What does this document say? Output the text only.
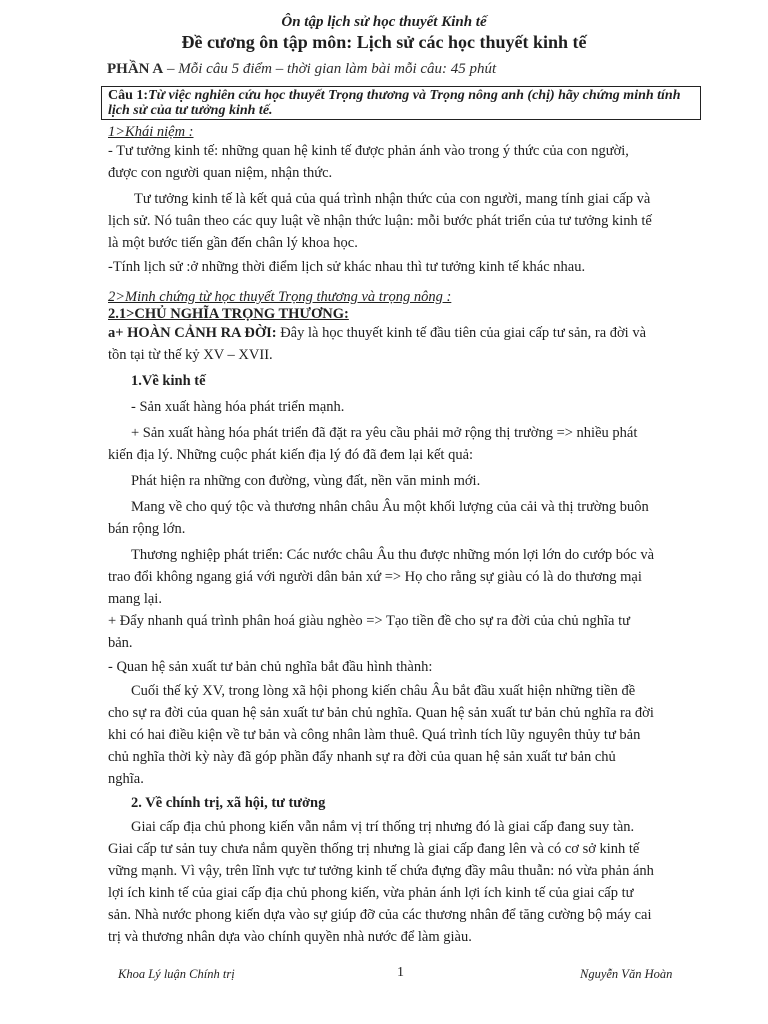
Ôn tập lịch sử học thuyết Kinh tế
Đề cương ôn tập môn: Lịch sử các học thuyết kinh tế
PHẦN A – Mỗi câu 5 điểm – thời gian làm bài mỗi câu: 45 phút
Câu 1:Từ việc nghiên cứu học thuyết Trọng thương và Trọng nông anh (chị) hãy chứng minh tính lịch sử của tư tưởng kinh tế.
1>Khái niệm :
- Tư tưởng kinh tế: những quan hệ kinh tế được phản ánh vào trong ý thức của con người,
được con người quan niệm, nhận thức.
Tư tưởng kinh tế là kết quả của quá trình nhận thức của con người, mang tính giai cấp và
lịch sử. Nó tuân theo các quy luật về nhận thức luận: mỗi bước phát triển của tư tưởng kinh tế
là một bước tiến gần đến chân lý khoa học.
-Tính lịch sử :ở những thời điểm lịch sử khác nhau thì tư tưởng kinh tế khác nhau.
2>Minh chứng từ học thuyết Trọng thương và trọng nông :
2.1>CHỦ NGHĨA TRỌNG THƯƠNG:
a+ HOÀN CẢNH RA ĐỜI: Đây là học thuyết kinh tế đầu tiên của giai cấp tư sản, ra đời và
tồn tại từ thế kỷ XV – XVII.
1.Về kinh tế
- Sản xuất hàng hóa phát triển mạnh.
+ Sản xuất hàng hóa phát triển đã đặt ra yêu cầu phải mở rộng thị trường => nhiều phát
kiến địa lý. Những cuộc phát kiến địa lý đó đã đem lại kết quả:
Phát hiện ra những con đường, vùng đất, nền văn minh mới.
Mang về cho quý tộc và thương nhân châu Âu một khối lượng của cải và thị trường buôn
bán rộng lớn.
Thương nghiệp phát triển: Các nước châu Âu thu được những món lợi lớn do cướp bóc và
trao đổi không ngang giá với người dân bản xứ => Họ cho rằng sự giàu có là do thương mại
mang lại.
+ Đẩy nhanh quá trình phân hoá giàu nghèo => Tạo tiền đề cho sự ra đời của chủ nghĩa tư
bản.
- Quan hệ sản xuất tư bản chủ nghĩa bắt đầu hình thành:
Cuối thế kỷ XV, trong lòng xã hội phong kiến châu Âu bắt đầu xuất hiện những tiền đề
cho sự ra đời của quan hệ sản xuất tư bản chủ nghĩa. Quan hệ sản xuất tư bản chủ nghĩa ra đời
khi có hai điều kiện về tư bản và công nhân làm thuê. Quá trình tích lũy nguyên thủy tư bản
chủ nghĩa thời kỳ này đã góp phần đẩy nhanh sự ra đời của quan hệ sản xuất tư bản chủ
nghĩa.
2. Về chính trị, xã hội, tư tưởng
Giai cấp địa chủ phong kiến vẫn nắm vị trí thống trị nhưng đó là giai cấp đang suy tàn.
Giai cấp tư sản tuy chưa nắm quyền thống trị nhưng là giai cấp đang lên và có cơ sở kinh tế
vững mạnh. Vì vậy, trên lĩnh vực tư tưởng kinh tế chứa đựng đầy mâu thuẫn: nó vừa phản ánh
lợi ích kinh tế của giai cấp địa chủ phong kiến, vừa phản ánh lợi ích kinh tế của giai cấp tư
sản. Nhà nước phong kiến dựa vào sự giúp đỡ của các thương nhân để tăng cường bộ máy cai
trị và thương nhân dựa vào chính quyền nhà nước để làm giàu.
Khoa Lý luận Chính trị	1	Nguyễn Văn Hoàn
